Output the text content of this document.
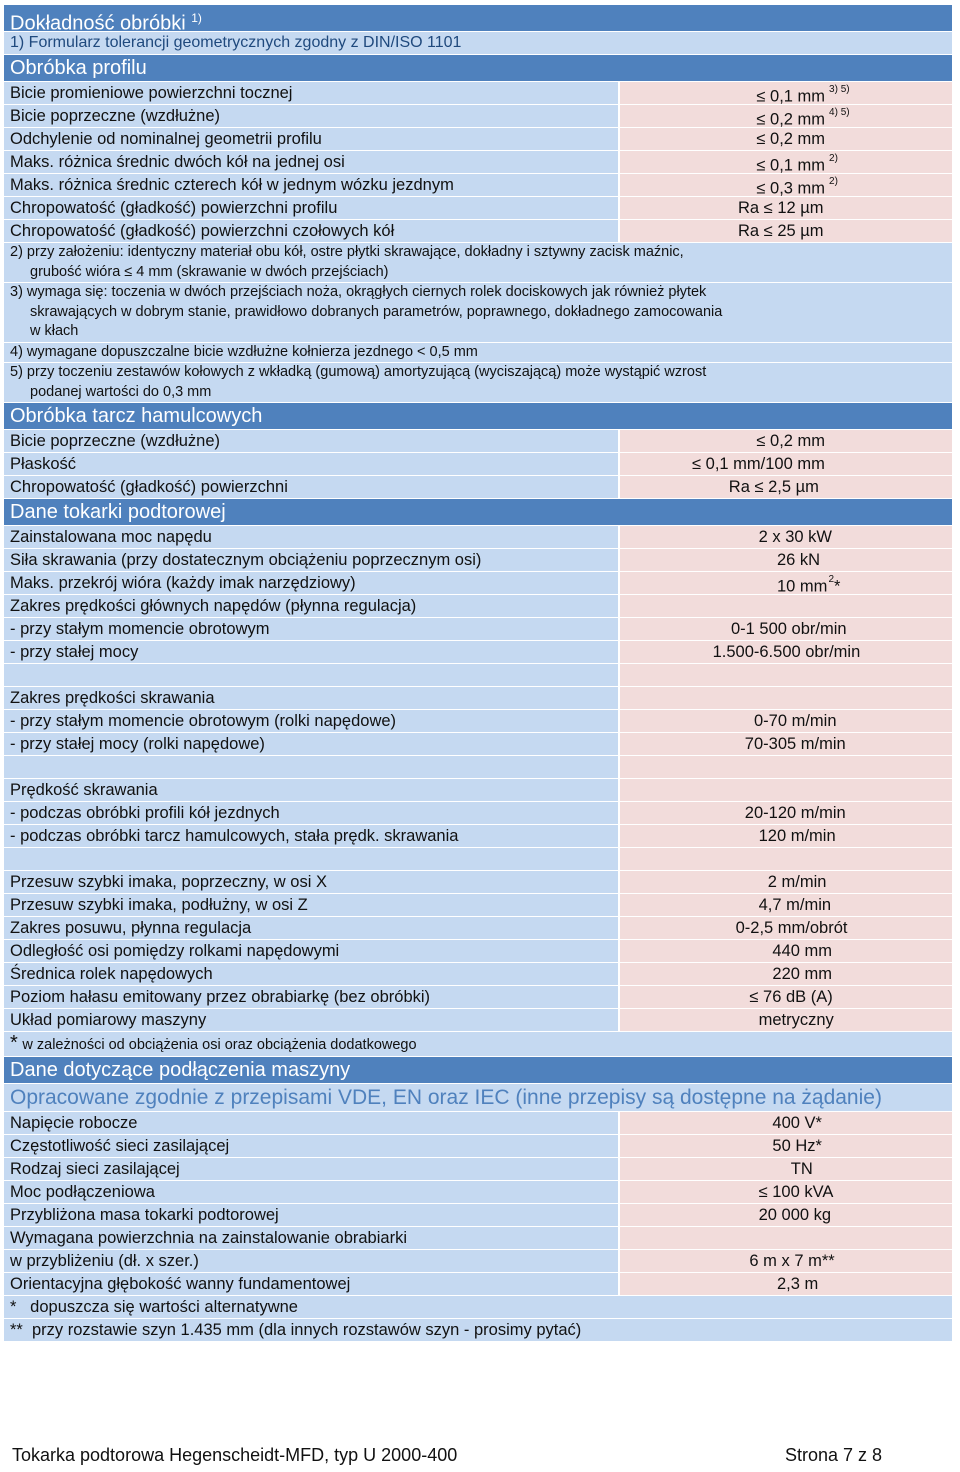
Dokładność obróbki $^{1)}$
1) Formularz tolerancji geometrycznych zgodny z DIN/ISO 1101
Obróbka profilu
Bicie promieniowe powierzchni tocznej	≤ 0,1 mm $^{3) 5)}$
Bicie poprzeczne (wzdłużne)	≤ 0,2 mm $^{4) 5)}$
Odchylenie od nominalnej geometrii profilu	≤ 0,2 mm
Maks. różnica średnic dwóch kół na jednej osi	≤ 0,1 mm $^{2)}$
Maks. różnica średnic czterech kół w jednym wózku jezdnym	≤ 0,3 mm $^{2)}$
Chropowatość (gładkość) powierzchni profilu	Ra ≤ 12 µm
Chropowatość (gładkość) powierzchni czołowych kół	Ra ≤ 25 µm
2) przy założeniu: identyczny materiał obu kół, ostre płytki skrawające, dokładny i sztywny zacisk maźnic,
grubość wióra ≤ 4 mm (skrawanie w dwóch przejściach)
3) wymaga się: toczenia w dwóch przejściach noża, okrągłych ciernych rolek dociskowych jak również płytek
skrawających w dobrym stanie, prawidłowo dobranych parametrów, poprawnego, dokładnego zamocowania
w kłach
4) wymagane dopuszczalne bicie wzdłużne kołnierza jezdnego < 0,5 mm
5) przy toczeniu zestawów kołowych z wkładką (gumową) amortyzującą (wyciszającą) może wystąpić wzrost
podanej wartości do 0,3 mm
Obróbka tarcz hamulcowych
Bicie poprzeczne (wzdłużne)	≤ 0,2 mm
Płaskość	≤ 0,1 mm/100 mm
Chropowatość (gładkość) powierzchni	Ra ≤ 2,5 µm
Dane tokarki podtorowej
Zainstalowana moc napędu	2 x 30 kW
Siła skrawania (przy dostatecznym obciążeniu poprzecznym osi)	26 kN
Maks. przekrój wióra (każdy imak narzędziowy)	10 $mm^2*$
Zakres prędkości głównych napędów (płynna regulacja)
- przy stałym momencie obrotowym	0-1 500 obr/min
- przy stałej mocy	1.500-6.500 obr/min

Zakres prędkości skrawania
- przy stałym momencie obrotowym (rolki napędowe)	0-70 m/min
- przy stałej mocy (rolki napędowe)	70-305 m/min

Prędkość skrawania
- podczas obróbki profili kół jezdnych	20-120 m/min
- podczas obróbki tarcz hamulcowych, stała prędk. skrawania	120 m/min

Przesuw szybki imaka, poprzeczny, w osi X	2 m/min
Przesuw szybki imaka, podłużny, w osi Z	4,7 m/min
Zakres posuwu, płynna regulacja	0-2,5 mm/obrót
Odległość osi pomiędzy rolkami napędowymi	440 mm
Średnica rolek napędowych	220 mm
Poziom hałasu emitowany przez obrabiarkę (bez obróbki)	≤ 76 dB (A)
Układ pomiarowy maszyny	metryczny
* w zależności od obciążenia osi oraz obciążenia dodatkowego
Dane dotyczące podłączenia maszyny
Opracowane zgodnie z przepisami VDE, EN oraz IEC (inne przepisy są dostępne na żądanie)
Napięcie robocze	400 V*
Częstotliwość sieci zasilającej	50 Hz*
Rodzaj sieci zasilającej	TN
Moc podłączeniowa	≤ 100 kVA
Przybliżona masa tokarki podtorowej	20 000 kg
Wymagana powierzchnia na zainstalowanie obrabiarki
w przybliżeniu (dł. x szer.)	6 m x 7 m**
Orientacyjna głębokość wanny fundamentowej	2,3 m
*   dopuszcza się wartości alternatywne
**  przy rozstawie szyn 1.435 mm (dla innych rozstawów szyn - prosimy pytać)
Tokarka podtorowa Hegenscheidt-MFD, typ U 2000-400	Strona 7 z 8
